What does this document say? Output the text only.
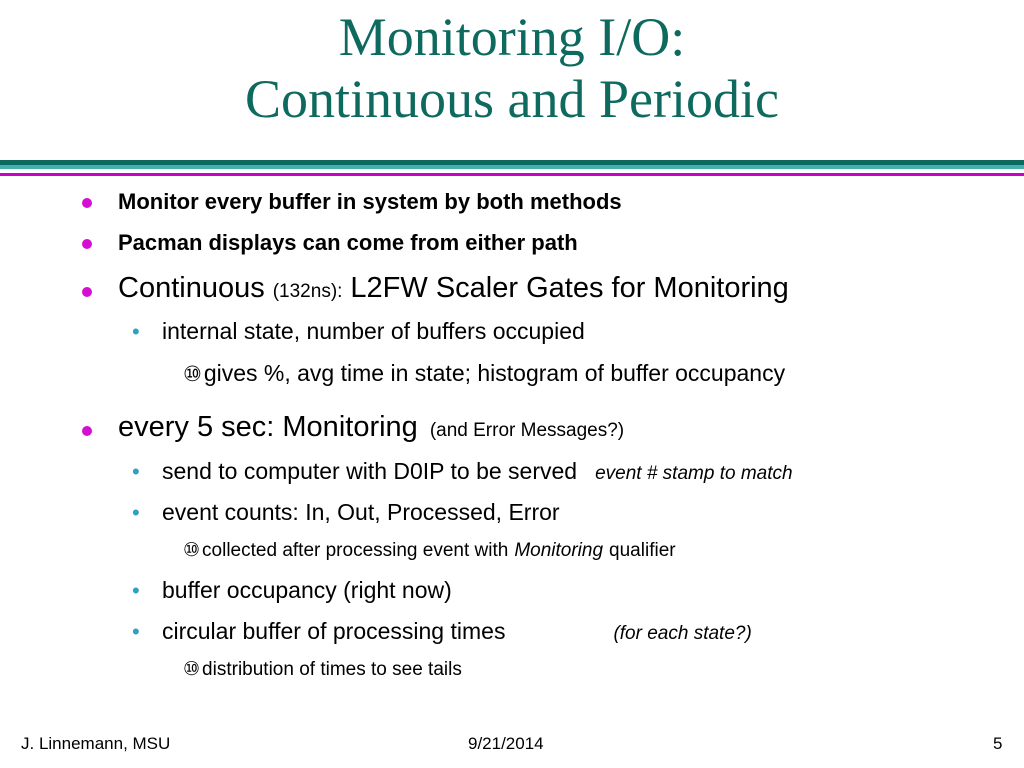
Monitoring I/O:
Continuous and Periodic
Monitor every buffer in system by both methods
Pacman displays can come from either path
Continuous (132ns): L2FW Scaler Gates for Monitoring
• internal state, number of buffers occupied
⑩ gives %, avg time in state; histogram of buffer occupancy
every 5 sec: Monitoring (and Error Messages?)
• send to computer with D0IP to be served event # stamp to match
• event counts: In, Out, Processed, Error
⑩ collected after processing event with Monitoring qualifier
• buffer occupancy (right now)
• circular buffer of processing times	(for each state?)
⑩ distribution of times to see tails
J. Linnemann, MSU	9/21/2014	5
